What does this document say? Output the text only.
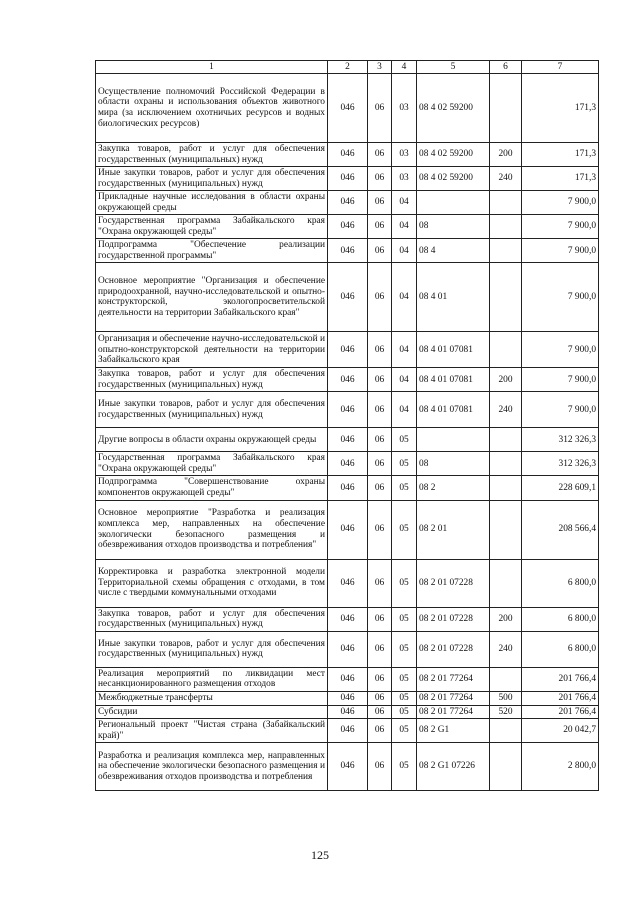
1	2	3	4	5	6	7
Осуществление полномочий Российской Федерации в области охраны и использования объектов животного мира (за исключением охотничьих ресурсов и водных биологических ресурсов)	046	06	03	08 4 02 59200		171,3
Закупка товаров, работ и услуг для обеспечения государственных (муниципальных) нужд	046	06	03	08 4 02 59200	200	171,3
Иные закупки товаров, работ и услуг для обеспечения государственных (муниципальных) нужд	046	06	03	08 4 02 59200	240	171,3
Прикладные научные исследования в области охраны окружающей среды	046	06	04			7 900,0
Государственная программа Забайкальского края "Охрана окружающей среды"	046	06	04	08		7 900,0
Подпрограмма "Обеспечение реализации государственной программы"	046	06	04	08 4		7 900,0
Основное мероприятие "Организация и обеспечение природоохранной, научно-исследовательской и опытно-конструкторской, экологопросветительской деятельности на территории Забайкальского края"	046	06	04	08 4 01		7 900,0
Организация и обеспечение научно-исследовательской и опытно-конструкторской деятельности на территории Забайкальского края	046	06	04	08 4 01 07081		7 900,0
Закупка товаров, работ и услуг для обеспечения государственных (муниципальных) нужд	046	06	04	08 4 01 07081	200	7 900,0
Иные закупки товаров, работ и услуг для обеспечения государственных (муниципальных) нужд	046	06	04	08 4 01 07081	240	7 900,0
Другие вопросы в области охраны окружающей среды	046	06	05			312 326,3
Государственная программа Забайкальского края "Охрана окружающей среды"	046	06	05	08		312 326,3
Подпрограмма "Совершенствование охраны компонентов окружающей среды"	046	06	05	08 2		228 609,1
Основное мероприятие "Разработка и реализация комплекса мер, направленных на обеспечение экологически безопасного размещения и обезвреживания отходов производства и потребления"	046	06	05	08 2 01		208 566,4
Корректировка и разработка электронной модели Территориальной схемы обращения с отходами, в том числе с твердыми коммунальными отходами	046	06	05	08 2 01 07228		6 800,0
Закупка товаров, работ и услуг для обеспечения государственных (муниципальных) нужд	046	06	05	08 2 01 07228	200	6 800,0
Иные закупки товаров, работ и услуг для обеспечения государственных (муниципальных) нужд	046	06	05	08 2 01 07228	240	6 800,0
Реализация мероприятий по ликвидации мест несанкционированного размещения отходов	046	06	05	08 2 01 77264		201 766,4
Межбюджетные трансферты	046	06	05	08 2 01 77264	500	201 766,4
Субсидии	046	06	05	08 2 01 77264	520	201 766,4
Региональный проект "Чистая страна (Забайкальский край)"	046	06	05	08 2 G1		20 042,7
Разработка и реализация комплекса мер, направленных на обеспечение экологически безопасного размещения и обезвреживания отходов производства и потребления	046	06	05	08 2 G1 07226		2 800,0
125
